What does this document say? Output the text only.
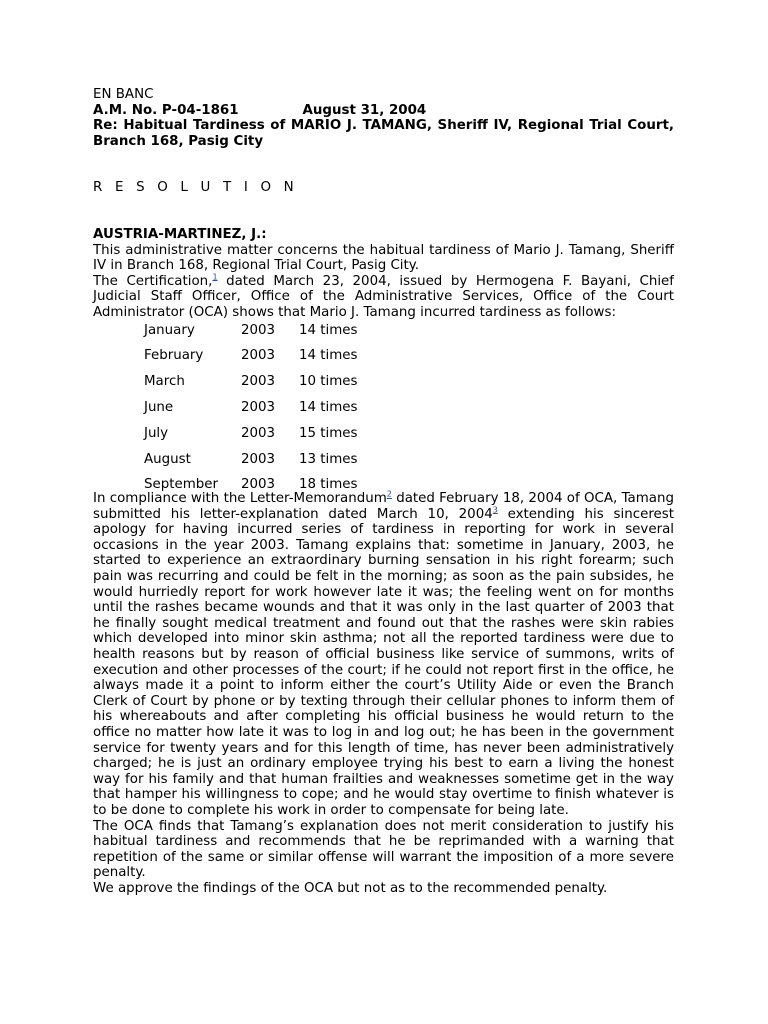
EN BANC
A.M. No. P-04-1861	August 31, 2004
Re: Habitual Tardiness of MARIO J. TAMANG, Sheriff IV, Regional Trial Court, Branch 168, Pasig City
R E S O L U T I O N
AUSTRIA-MARTINEZ, J.:

This administrative matter concerns the habitual tardiness of Mario J. Tamang, Sheriff IV in Branch 168, Regional Trial Court, Pasig City.

The Certification,$^1$ dated March 23, 2004, issued by Hermogena F. Bayani, Chief Judicial Staff Officer, Office of the Administrative Services, Office of the Court Administrator (OCA) shows that Mario J. Tamang incurred tardiness as follows:

January	2003	14 times
February	2003	14 times
March	2003	10 times
June	2003	14 times
July	2003	15 times
August	2003	13 times
September	2003	18 times

In compliance with the Letter-Memorandum$^2$ dated February 18, 2004 of OCA, Tamang submitted his letter-explanation dated March 10, 2004$^3$ extending his sincerest apology for having incurred series of tardiness in reporting for work in several occasions in the year 2003. Tamang explains that: sometime in January, 2003, he started to experience an extraordinary burning sensation in his right forearm; such pain was recurring and could be felt in the morning; as soon as the pain subsides, he would hurriedly report for work however late it was; the feeling went on for months until the rashes became wounds and that it was only in the last quarter of 2003 that he finally sought medical treatment and found out that the rashes were skin rabies which developed into minor skin asthma; not all the reported tardiness were due to health reasons but by reason of official business like service of summons, writs of execution and other processes of the court; if he could not report first in the office, he always made it a point to inform either the court’s Utility Aide or even the Branch Clerk of Court by phone or by texting through their cellular phones to inform them of his whereabouts and after completing his official business he would return to the office no matter how late it was to log in and log out; he has been in the government service for twenty years and for this length of time, has never been administratively charged; he is just an ordinary employee trying his best to earn a living the honest way for his family and that human frailties and weaknesses sometime get in the way that hamper his willingness to cope; and he would stay overtime to finish whatever is to be done to complete his work in order to compensate for being late.

The OCA finds that Tamang’s explanation does not merit consideration to justify his habitual tardiness and recommends that he be reprimanded with a warning that repetition of the same or similar offense will warrant the imposition of a more severe penalty.

We approve the findings of the OCA but not as to the recommended penalty.
